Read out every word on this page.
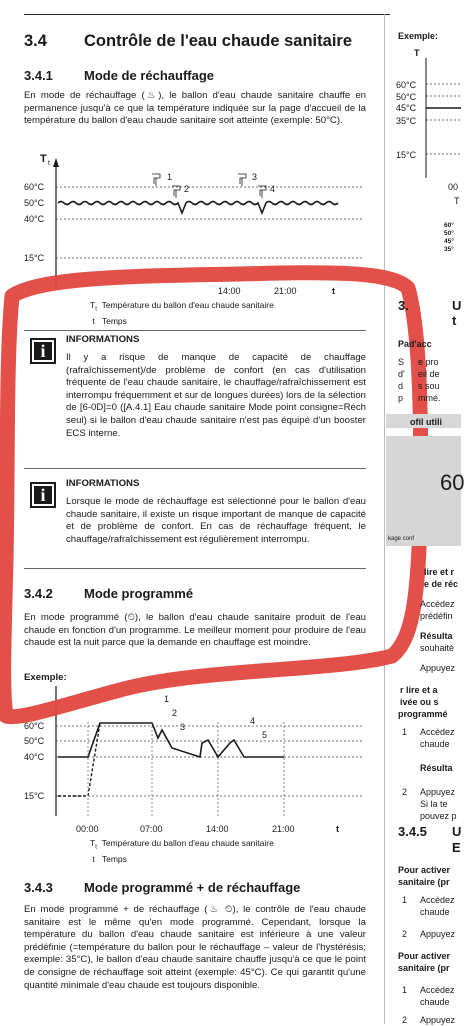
3.4 Contrôle de l'eau chaude sanitaire
3.4.1 Mode de réchauffage
En mode de réchauffage (♨), le ballon d'eau chaude sanitaire chauffe en permanence jusqu'à ce que la température indiquée sur la page d'accueil de la température du ballon d'eau chaude sanitaire soit atteinte (exemple: 50°C).
T t
60°C
50°C
40°C
15°C
1
2
3
4
14:00	21:00	t
$T_t$ Température du ballon d'eau chaude sanitaire
t Temps
i
INFORMATIONS
Il y a risque de manque de capacité de chauffage (rafraîchissement)/de problème de confort (en cas d'utilisation fréquente de l'eau chaude sanitaire, le chauffage/rafraîchissement est interrompu fréquemment et sur de longues durées) lors de la sélection de [6-0D]=0 ([A.4.1] Eau chaude sanitaire Mode point consigne=Réch seul) si le ballon d'eau chaude sanitaire n'est pas équipé d'un booster ECS interne.
i
INFORMATIONS
Lorsque le mode de réchauffage est sélectionné pour le ballon d'eau chaude sanitaire, il existe un risque important de manque de capacité et de problème de confort. En cas de réchauffage fréquent, le chauffage/rafraîchissement est régulièrement interrompu.
3.4.2 Mode programmé
En mode programmé (⏲), le ballon d'eau chaude sanitaire produit de l'eau chaude en fonction d'un programme. Le meilleur moment pour produire de l'eau chaude est la nuit parce que la demande en chauffage est moindre.
Exemple:
60°C
50°C
40°C
15°C
1
2
3
4
5
00:00	07:00	14:00	21:00	t
$T_t$ Température du ballon d'eau chaude sanitaire
t Temps
3.4.3 Mode programmé + de réchauffage
En mode programmé + de réchauffage (♨ ⏲), le contrôle de l'eau chaude sanitaire est le même qu'en mode programmé. Cependant, lorsque la température du ballon d'eau chaude sanitaire est inférieure à une valeur prédéfinie (=température du ballon pour le réchauffage – valeur de l'hystérésis; exemple: 35°C), le ballon d'eau chaude sanitaire chauffe jusqu'à ce que le point de consigne de réchauffage soit atteint (exemple: 45°C). Ce qui garantit qu'une quantité minimale d'eau chaude est toujours disponible.
Exemple:
T
60°C
50°C
45°C
35°C
15°C
00
T
60°
50°
45°
35°
3.	U
t
Pad'acc
S e pro
d' eil de
d s sou
p mmé.
ofil utili
60
kage conf
lire et r
e de réc
Accédez
prédéfin
Résulta
souhaité
Appuyez
r lire et a
ivée ou s
programmé
1 Accédez
chaude
Résulta
2 Appuyez
Si la te
pouvez p
3.4.5 U
E
Pour activer
sanitaire (pr
1 Accédez
chaude
2 Appuyez
Pour activer
sanitaire (pr
1 Accédez
chaude
2 Appuyez
